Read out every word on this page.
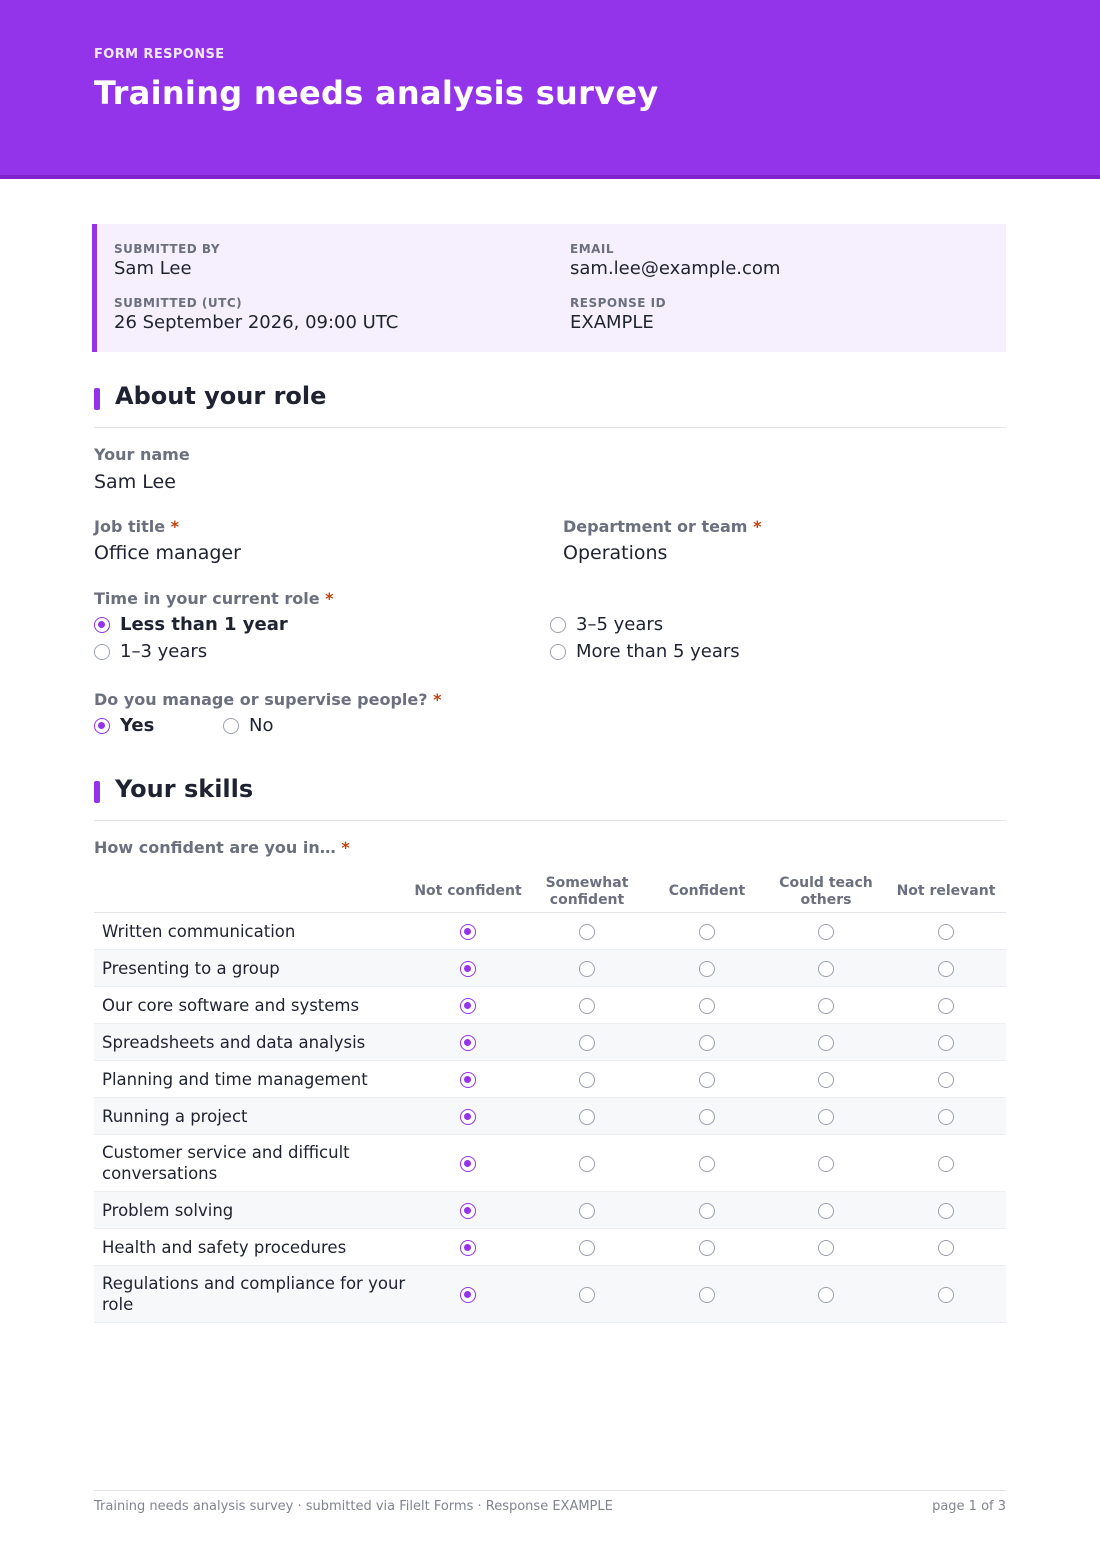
FORM RESPONSE
Training needs analysis survey
SUBMITTED BY
Sam Lee
EMAIL
sam.lee@example.com
SUBMITTED (UTC)
26 September 2026, 09:00 UTC
RESPONSE ID
EXAMPLE
About your role
Your name
Sam Lee
Job title *
Office manager
Department or team *
Operations
Time in your current role *
Less than 1 year
1–3 years
3–5 years
More than 5 years
Do you manage or supervise people? *
Yes	No
Your skills
How confident are you in… *
Not confident
Somewhat confident
Confident
Could teach others
Not relevant
Written communication
Presenting to a group
Our core software and systems
Spreadsheets and data analysis
Planning and time management
Running a project
Customer service and difficult conversations
Problem solving
Health and safety procedures
Regulations and compliance for your role
Training needs analysis survey · submitted via Filelt Forms · Response EXAMPLE	page 1 of 3
